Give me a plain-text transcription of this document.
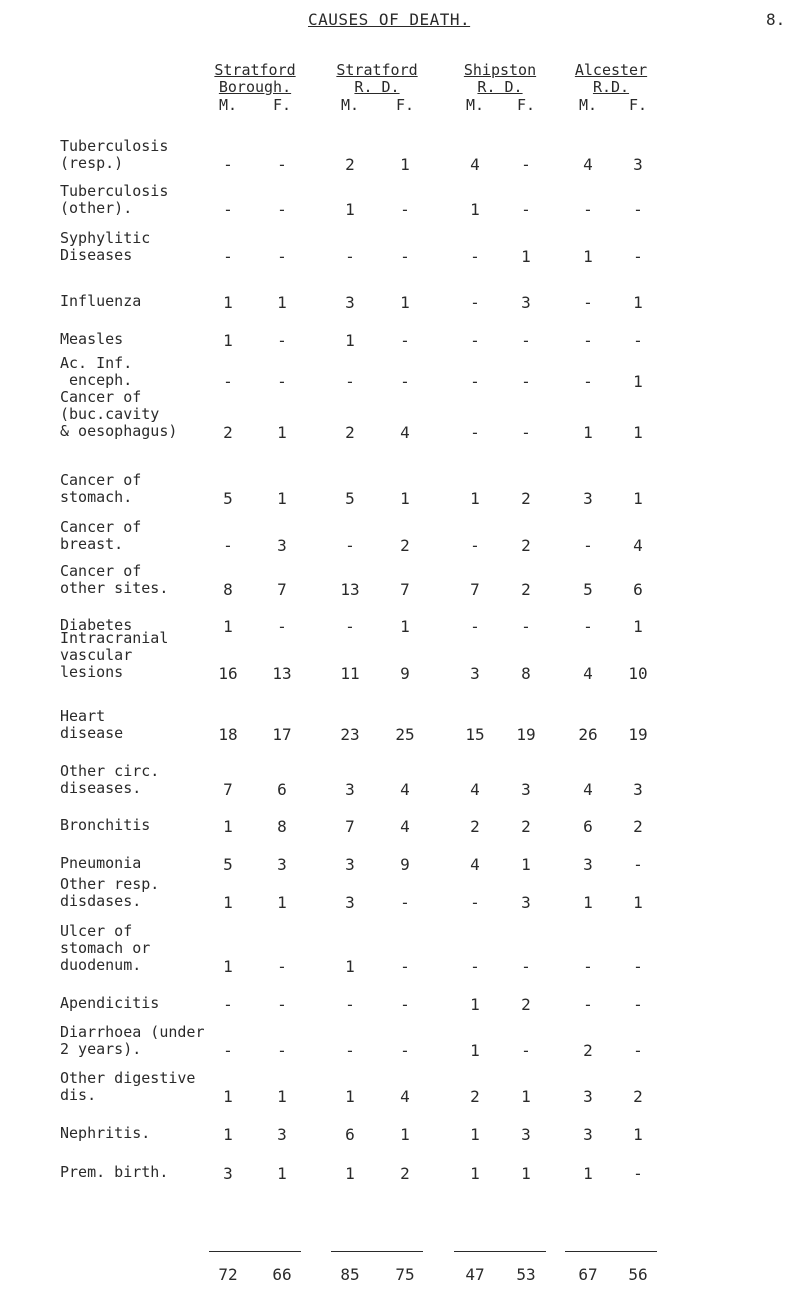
CAUSES OF DEATH.	8.
Stratford
Borough.
Stratford
R. D.
Shipston
R. D.
Alcester
R.D.
M.	F.	M.	F.	M.	F.	M.	F.
Tuberculosis
(resp.)	-	-	2	1	4	-	4	3
Tuberculosis
(other).	-	-	1	-	1	-	-	-
Syphylitic
Diseases	-	-	-	-	-	1	1	-
Influenza	1	1	3	1	-	3	-	1
Measles	1	-	1	-	-	-	-	-
Ac. Inf.
enceph.	-	-	-	-	-	-	-	1
Cancer of
(buc.cavity
& oesophagus)	2	1	2	4	-	-	1	1
Cancer of
stomach.	5	1	5	1	1	2	3	1
Cancer of
breast.	-	3	-	2	-	2	-	4
Cancer of
other sites.	8	7	13	7	7	2	5	6
Diabetes	1	-	-	1	-	-	-	1
Intracranial
vascular
lesions	16	13	11	9	3	8	4	10
Heart
disease	18	17	23	25	15	19	26	19
Other circ.
diseases.	7	6	3	4	4	3	4	3
Bronchitis	1	8	7	4	2	2	6	2
Pneumonia	5	3	3	9	4	1	3	-
Other resp.
disdases.	1	1	3	-	-	3	1	1
Ulcer of
stomach or
duodenum.	1	-	1	-	-	-	-	-
Apendicitis	-	-	-	-	1	2	-	-
Diarrhoea (under
2 years).	-	-	-	-	1	-	2	-
Other digestive
dis.	1	1	1	4	2	1	3	2
Nephritis.	1	3	6	1	1	3	3	1
Prem. birth.	3	1	1	2	1	1	1	-
72	66	85	75	47	53	67	56
